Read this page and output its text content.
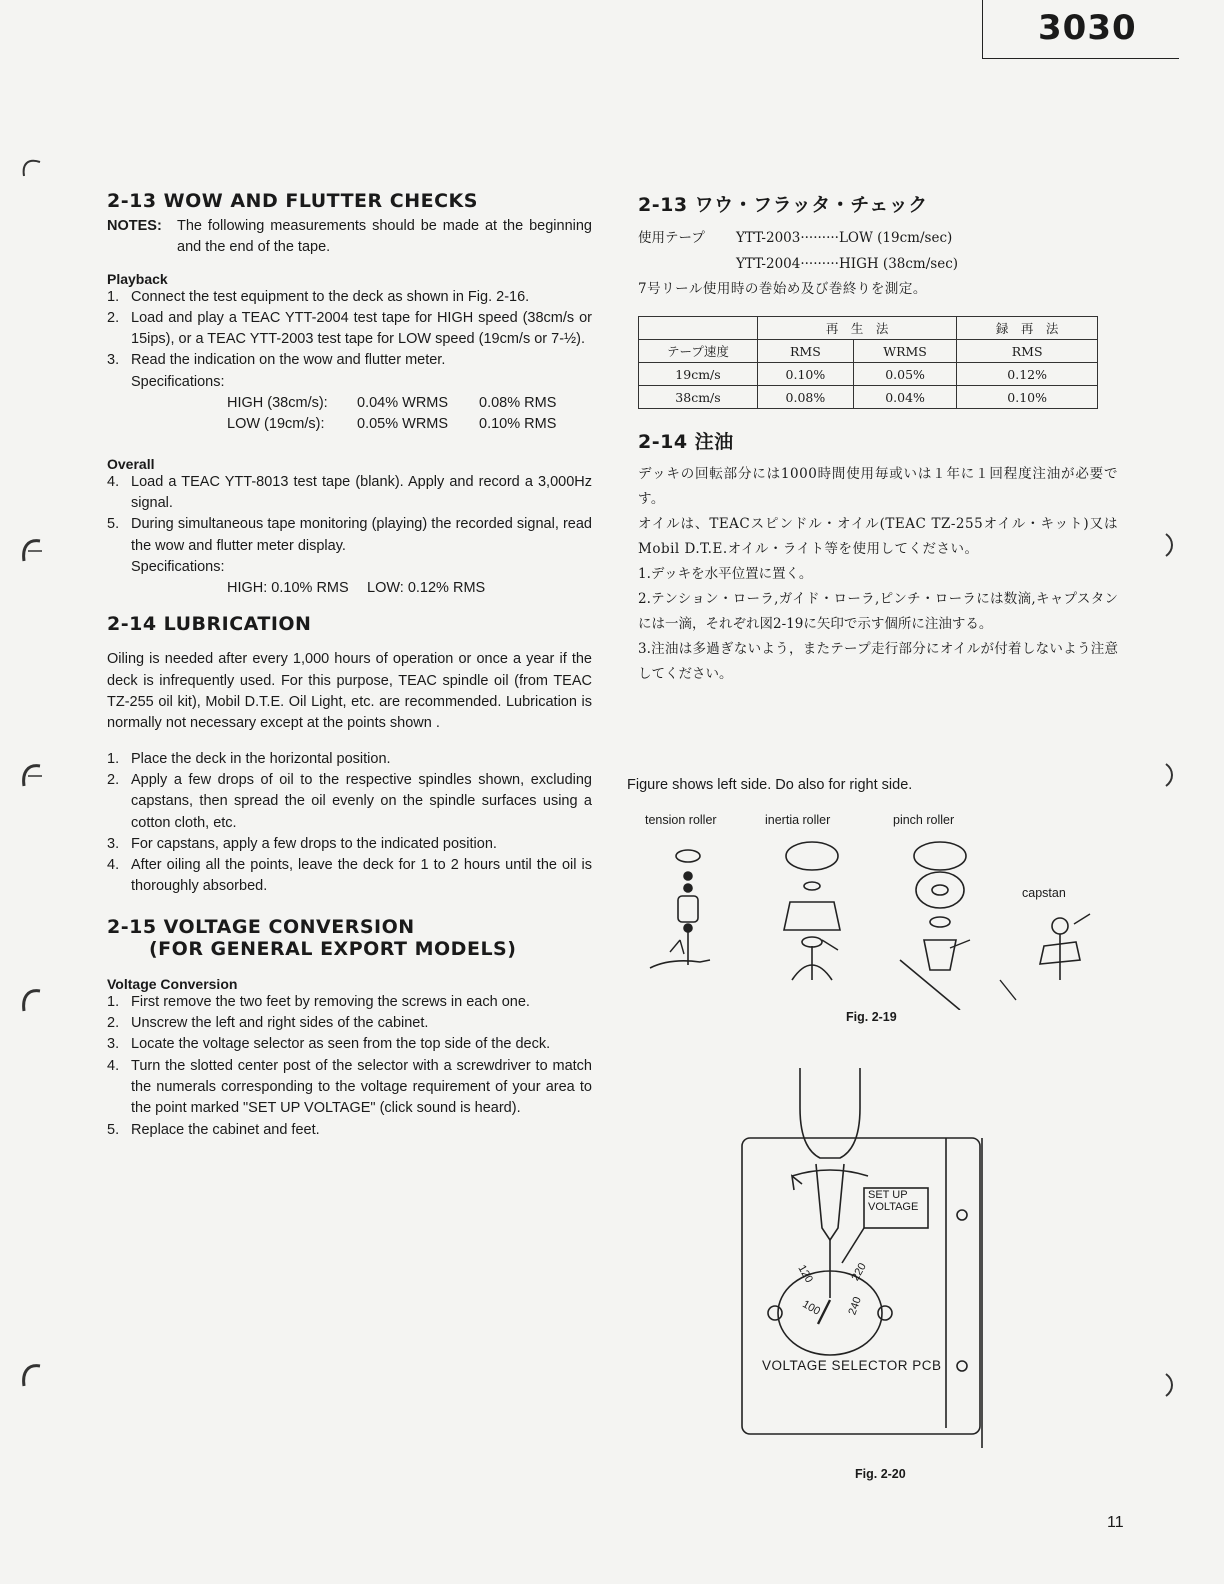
3030
2-13 WOW AND FLUTTER CHECKS
NOTES:	The following measurements should be made at the beginning and the end of the tape.

Playback
1. Connect the test equipment to the deck as shown in Fig. 2-16.
2. Load and play a TEAC YTT-2004 test tape for HIGH speed (38cm/s or 15ips), or a TEAC YTT-2003 test tape for LOW speed (19cm/s or 7-½).
3. Read the indication on the wow and flutter meter.
Specifications:
HIGH (38cm/s):	0.04% WRMS	0.08% RMS
LOW (19cm/s):	0.05% WRMS	0.10% RMS
Overall
4. Load a TEAC YTT-8013 test tape (blank). Apply and record a 3,000Hz signal.
5. During simultaneous tape monitoring (playing) the recorded signal, read the wow and flutter meter display.
Specifications:
HIGH: 0.10% RMS	LOW: 0.12% RMS
2-14 LUBRICATION

Oiling is needed after every 1,000 hours of operation or once a year if the deck is infrequently used. For this purpose, TEAC spindle oil (from TEAC TZ-255 oil kit), Mobil D.T.E. Oil Light, etc. are recommended. Lubrication is normally not necessary except at the points shown .

1. Place the deck in the horizontal position.
2. Apply a few drops of oil to the respective spindles shown, excluding capstans, then spread the oil evenly on the spindle surfaces using a cotton cloth, etc.
3. For capstans, apply a few drops to the indicated position.
4. After oiling all the points, leave the deck for 1 to 2 hours until the oil is thoroughly absorbed.
2-15 VOLTAGE CONVERSION
(FOR GENERAL EXPORT MODELS)
Voltage Conversion
1. First remove the two feet by removing the screws in each one.
2. Unscrew the left and right sides of the cabinet.
3. Locate the voltage selector as seen from the top side of the deck.
4. Turn the slotted center post of the selector with a screwdriver to match the numerals corresponding to the voltage requirement of your area to the point marked "SET UP VOLTAGE" (click sound is heard).
5. Replace the cabinet and feet.
2-13 ワウ・フラッタ・チェック
使用テープ	YTT-2003·········LOW (19cm/sec)
YTT-2004·········HIGH (38cm/sec)

7号リール使用時の巻始め及び巻終りを測定。

	再　生　法		録　再　法
テープ速度	RMS	WRMS	RMS
19cm/s	0.10%	0.05%	0.12%
38cm/s	0.08%	0.04%	0.10%
2-14 注油

デッキの回転部分には1000時間使用毎或いは１年に１回程度注油が必要です。

オイルは、TEACスピンドル・オイル(TEAC TZ-255オイル・キット)又はMobil D.T.E.オイル・ライト等を使用してください。

1.デッキを水平位置に置く。
2.テンション・ローラ,ガイド・ローラ,ピンチ・ローラには数滴,キャプスタンには一滴，それぞれ図2-19に矢印で示す個所に注油する。
3.注油は多過ぎないよう，またテープ走行部分にオイルが付着しないよう注意してください。
Figure shows left side. Do also for right side.
tension roller	inertia roller	pinch roller
capstan
Fig. 2-19
SET UP
VOLTAGE
120	220
100 240
VOLTAGE SELECTOR PCB
Fig. 2-20
11
